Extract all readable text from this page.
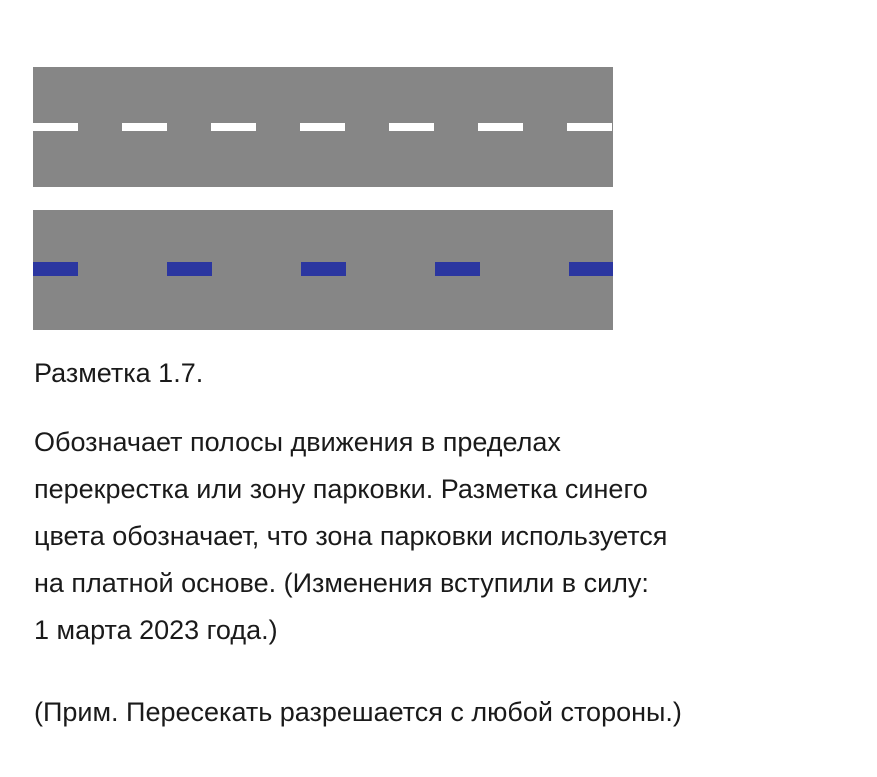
Разметка 1.7.

Обозначает полосы движения в пределах
перекрестка или зону парковки. Разметка синего
цвета обозначает, что зона парковки используется
на платной основе. (Изменения вступили в силу:
1 марта 2023 года.)

(Прим. Пересекать разрешается с любой стороны.)
